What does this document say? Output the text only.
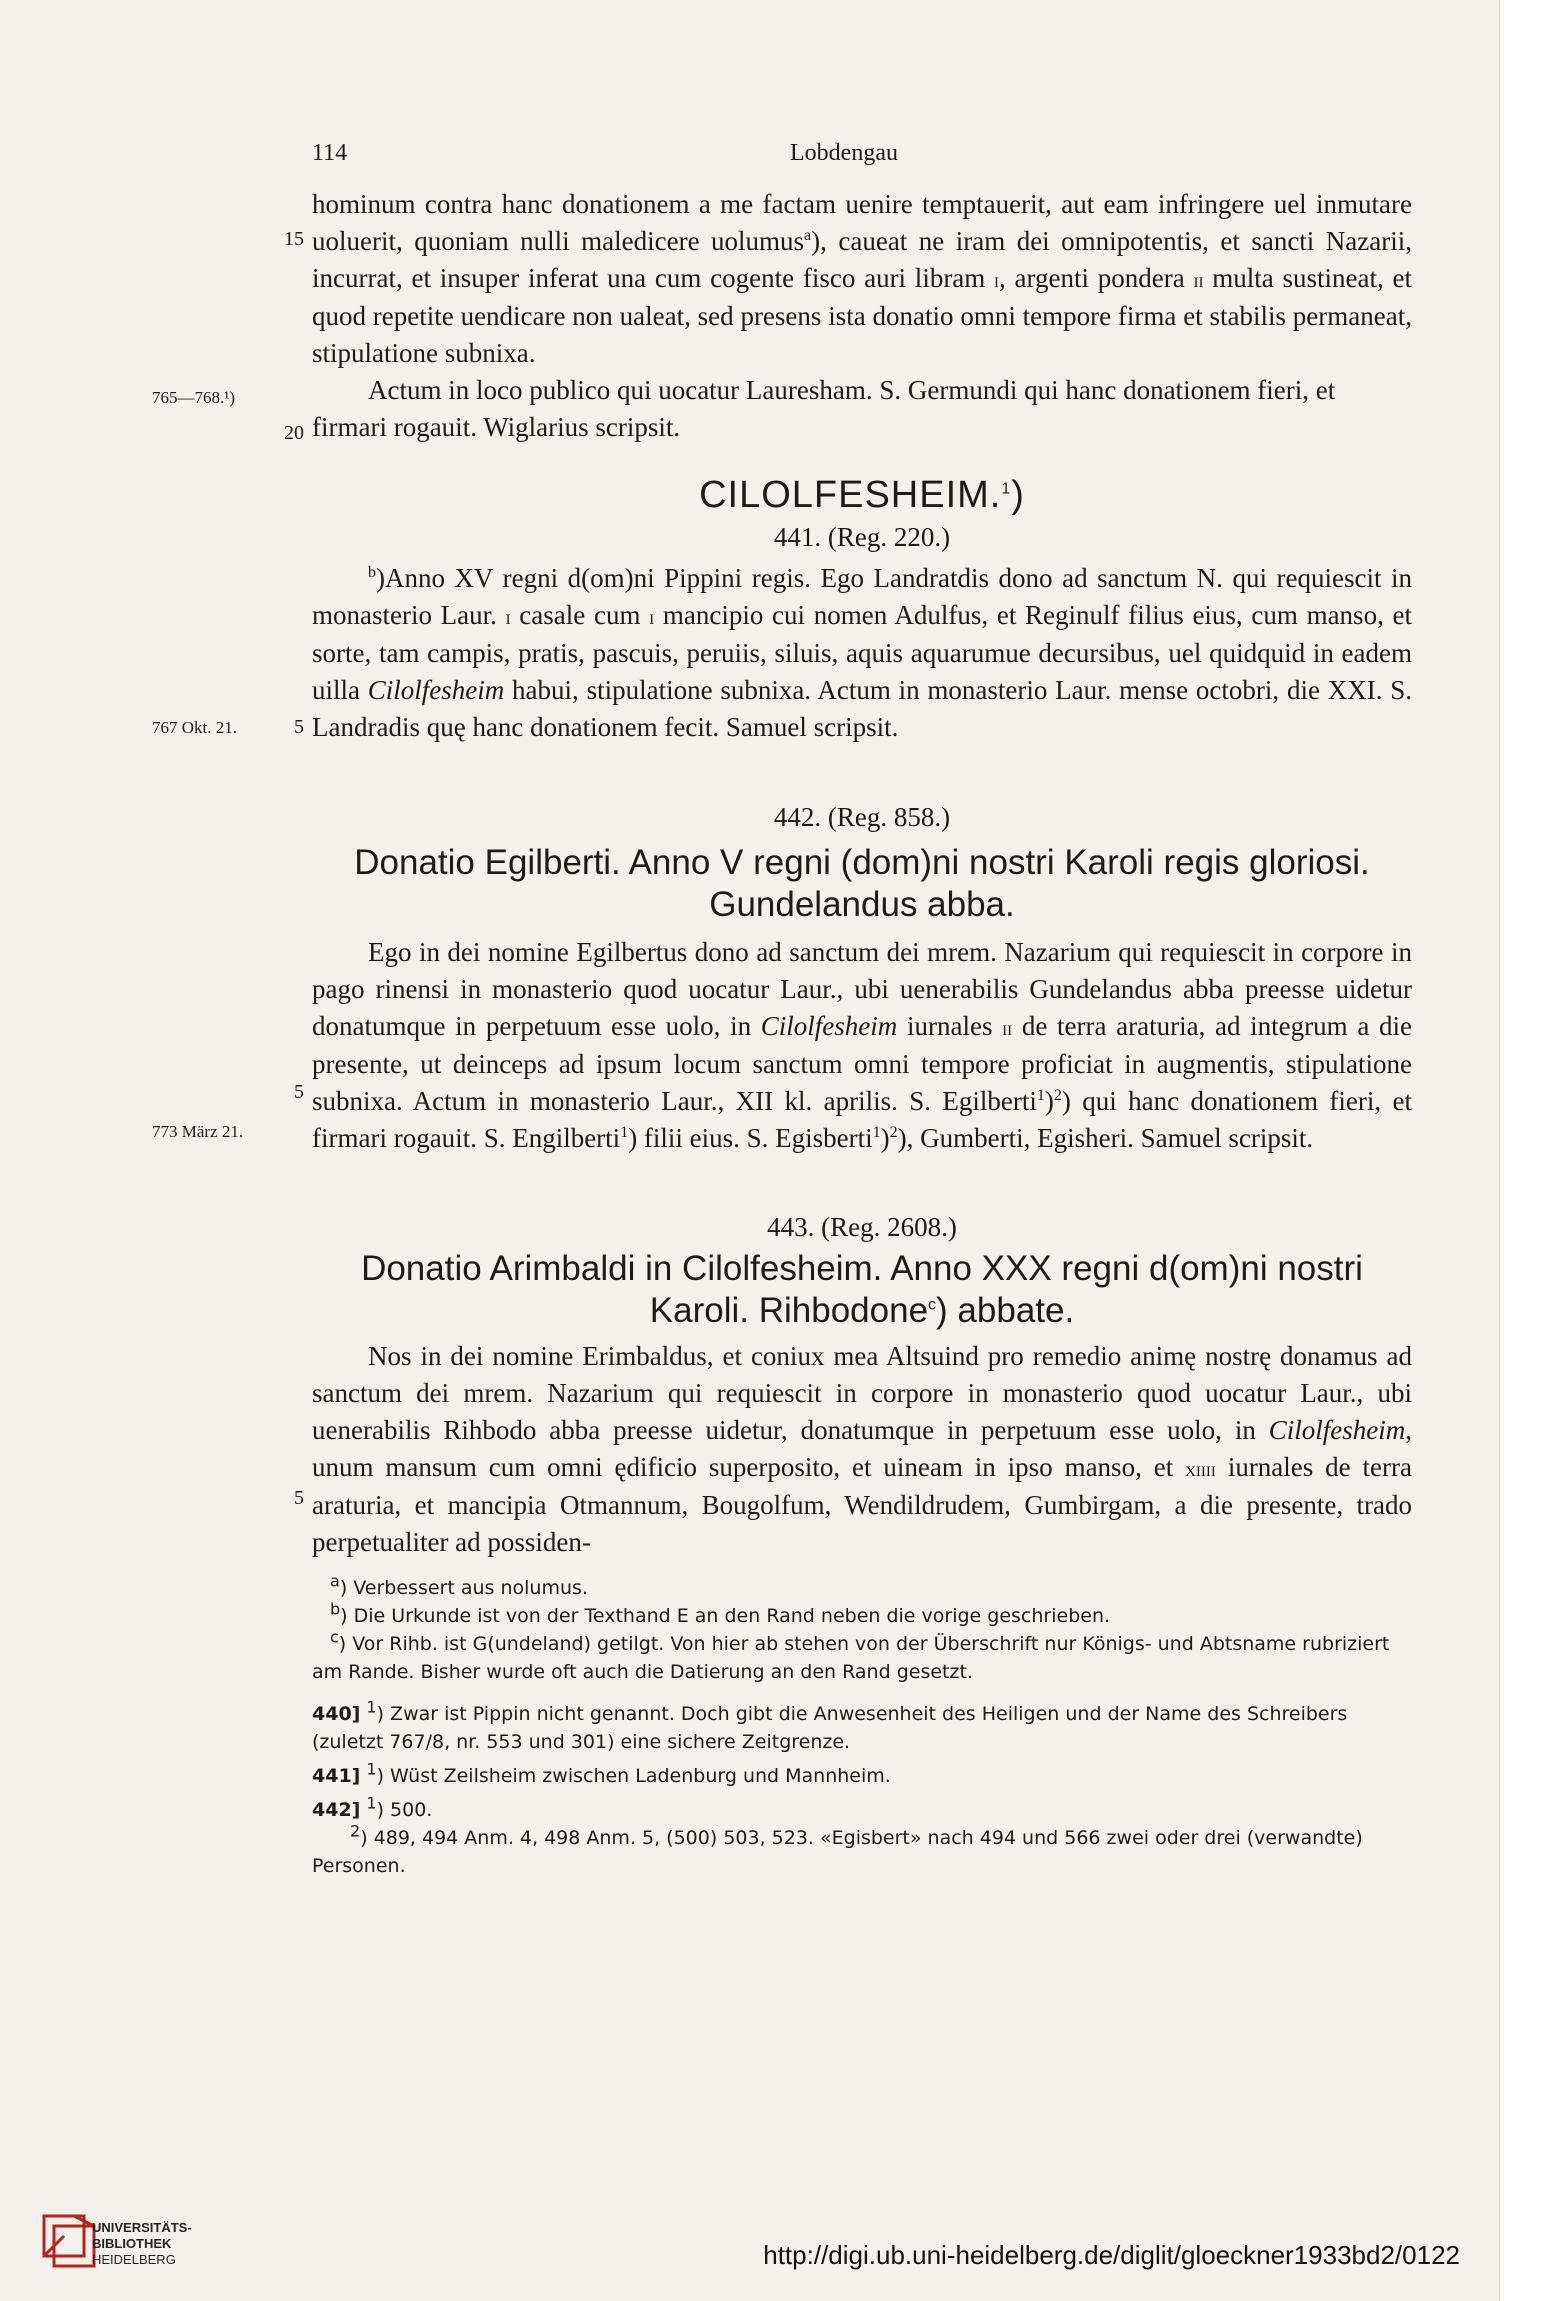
114	Lobdengau
15
20
765—768.¹)
5
767 Okt. 21.
5
773 März 21.
5

hominum contra hanc donationem a me factam uenire temptauerit, aut eam infringere uel inmutare uoluerit, quoniam nulli maledicere uolumus$^a$), caueat ne iram dei omnipotentis, et sancti Nazarii, incurrat, et insuper inferat una cum cogente fisco auri libram i, argenti pondera ii multa sustineat, et quod repetite uendicare non ualeat, sed presens ista donatio omni tempore firma et stabilis permaneat, stipulatione subnixa.

Actum in loco publico qui uocatur Lauresham. S. Germundi qui hanc donationem fieri, et firmari rogauit. Wiglarius scripsit.

CILOLFESHEIM.$^1$)
441. (Reg. 220.)

$^b$)Anno XV regni d(om)ni Pippini regis. Ego Landratdis dono ad sanctum N. qui requiescit in monasterio Laur. i casale cum i mancipio cui nomen Adulfus, et Reginulf filius eius, cum manso, et sorte, tam campis, pratis, pascuis, peruiis, siluis, aquis aquarumue decursibus, uel quidquid in eadem uilla Cilolfesheim habui, stipulatione subnixa. Actum in monasterio Laur. mense octobri, die XXI. S. Landradis quę hanc donationem fecit. Samuel scripsit.

442. (Reg. 858.)
Donatio Egilberti. Anno V regni (dom)ni nostri Karoli regis gloriosi.
Gundelandus abba.

Ego in dei nomine Egilbertus dono ad sanctum dei mrem. Nazarium qui requiescit in corpore in pago rinensi in monasterio quod uocatur Laur., ubi uenerabilis Gundelandus abba preesse uidetur donatumque in perpetuum esse uolo, in Cilolfesheim iurnales ii de terra araturia, ad integrum a die presente, ut deinceps ad ipsum locum sanctum omni tempore proficiat in augmentis, stipulatione subnixa. Actum in monasterio Laur., XII kl. aprilis. S. Egilberti$^1$)$^2$) qui hanc donationem fieri, et firmari rogauit. S. Engilberti$^1$) filii eius. S. Egisberti$^1$)$^2$), Gumberti, Egisheri. Samuel scripsit.

443. (Reg. 2608.)
Donatio Arimbaldi in Cilolfesheim. Anno XXX regni d(om)ni nostri
Karoli. Rihbodone$^c$) abbate.

Nos in dei nomine Erimbaldus, et coniux mea Altsuind pro remedio animę nostrę donamus ad sanctum dei mrem. Nazarium qui requiescit in corpore in monasterio quod uocatur Laur., ubi uenerabilis Rihbodo abba preesse uidetur, donatumque in perpetuum esse uolo, in Cilolfesheim, unum mansum cum omni ędificio superposito, et uineam in ipso manso, et xiiii iurnales de terra araturia, et mancipia Otmannum, Bougolfum, Wendildrudem, Gumbirgam, a die presente, trado perpetualiter ad possiden-

$^a$) Verbessert aus nolumus.

$^b$) Die Urkunde ist von der Texthand E an den Rand neben die vorige geschrieben.

$^c$) Vor Rihb. ist G(undeland) getilgt. Von hier ab stehen von der Überschrift nur Königs- und Abtsname rubriziert am Rande. Bisher wurde oft auch die Datierung an den Rand gesetzt.

440] $^1$) Zwar ist Pippin nicht genannt. Doch gibt die Anwesenheit des Heiligen und der Name des Schreibers (zuletzt 767/8, nr. 553 und 301) eine sichere Zeitgrenze.

441] $^1$) Wüst Zeilsheim zwischen Ladenburg und Mannheim.

442] $^1$) 500.

$^2$) 489, 494 Anm. 4, 498 Anm. 5, (500) 503, 523. «Egisbert» nach 494 und 566 zwei oder drei (verwandte) Personen.

UNIVERSITÄTS-
BIBLIOTHEK
HEIDELBERG	http://digi.ub.uni-heidelberg.de/diglit/gloeckner1933bd2/0122
